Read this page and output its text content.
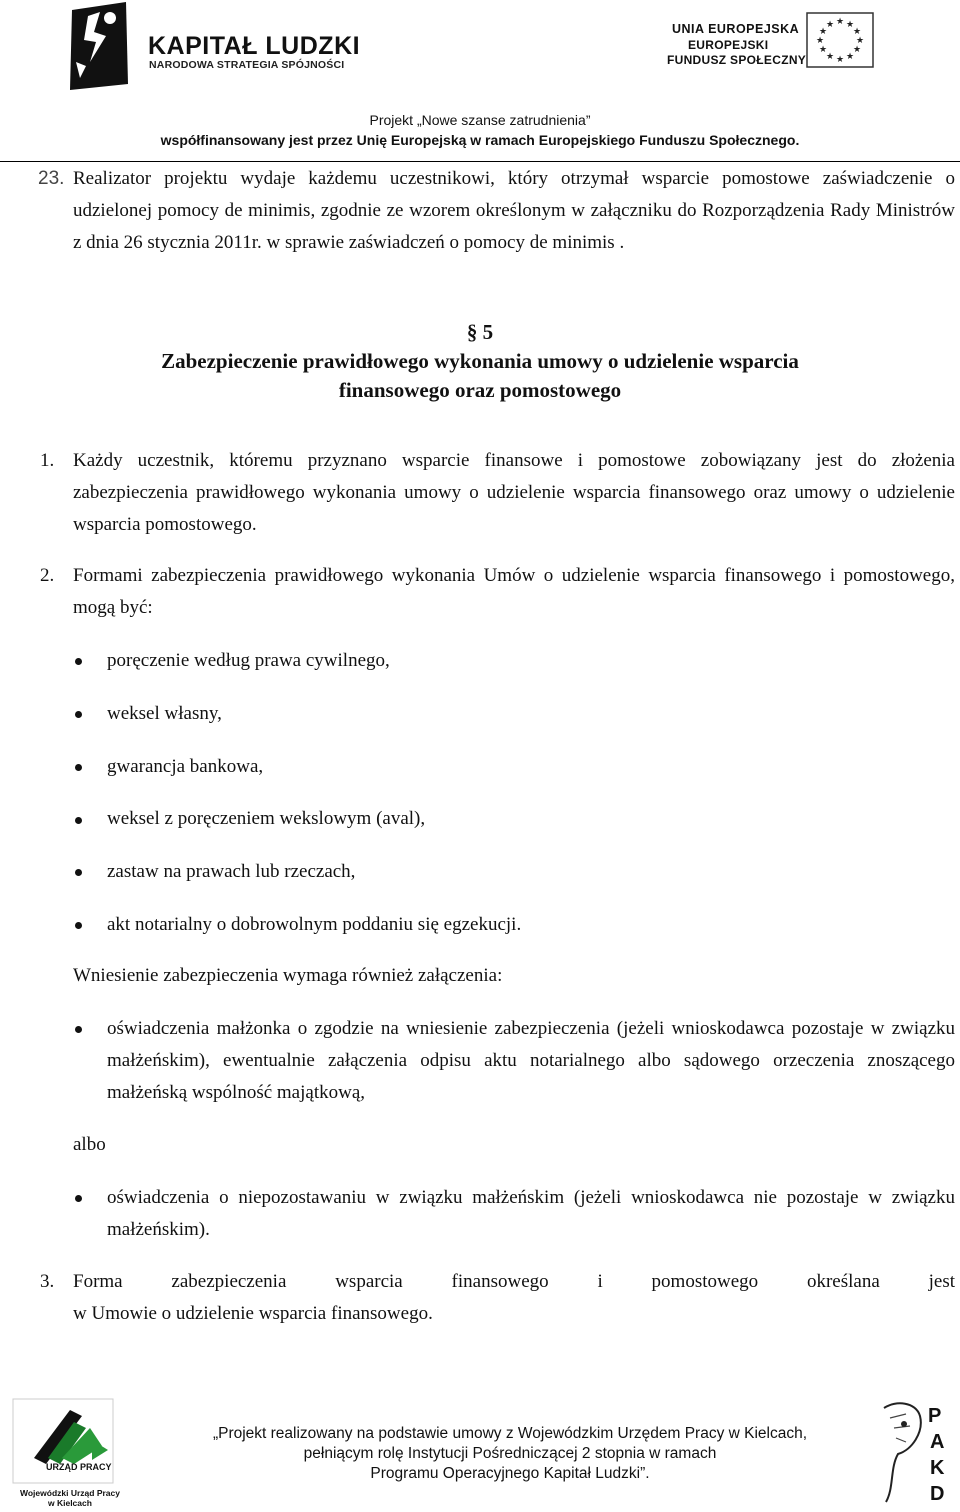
KAPITAŁ LUDZKI
NARODOWA STRATEGIA SPÓJNOŚCI
UNIA EUROPEJSKA
EUROPEJSKI
FUNDUSZ SPOŁECZNY
★ ★
★
★
★
★
★
★
★
★
★
★
Projekt „Nowe szanse zatrudnienia”
współfinansowany jest przez Unię Europejską w ramach Europejskiego Funduszu Społecznego.
23. Realizator projektu wydaje każdemu uczestnikowi, który otrzymał wsparcie pomostowe zaświadczenie o udzielonej pomocy de minimis, zgodnie ze wzorem określonym w załączniku do Rozporządzenia Rady Ministrów z dnia 26 stycznia 2011r. w sprawie zaświadczeń o pomocy de minimis .
§ 5
Zabezpieczenie prawidłowego wykonania umowy o udzielenie wsparcia
finansowego oraz pomostowego
1. Każdy uczestnik, któremu przyznano wsparcie finansowe i pomostowe zobowiązany jest do złożenia zabezpieczenia prawidłowego wykonania umowy o udzielenie wsparcia finansowego oraz umowy o udzielenie wsparcia pomostowego.
2. Formami zabezpieczenia prawidłowego wykonania Umów o udzielenie wsparcia finansowego i pomostowego, mogą być:
poręczenie według prawa cywilnego,
weksel własny,
gwarancja bankowa,
weksel z poręczeniem wekslowym (aval),
zastaw na prawach lub rzeczach,
akt notarialny o dobrowolnym poddaniu się egzekucji.
Wniesienie zabezpieczenia wymaga również załączenia:
oświadczenia małżonka o zgodzie na wniesienie zabezpieczenia (jeżeli wnioskodawca pozostaje w związku małżeńskim), ewentualnie załączenia odpisu aktu notarialnego albo sądowego orzeczenia znoszącego małżeńską wspólność majątkową,
albo
oświadczenia o niepozostawaniu w związku małżeńskim (jeżeli wnioskodawca nie pozostaje w związku małżeńskim).
3. Forma zabezpieczenia wsparcia finansowego i pomostowego określana jest
w Umowie o udzielenie wsparcia finansowego.
URZĄD PRACY
Wojewódzki Urząd Pracy
w Kielcach
„Projekt realizowany na podstawie umowy z Wojewódzkim Urzędem Pracy w Kielcach,
pełniącym rolę Instytucji Pośredniczącej 2 stopnia w ramach
Programu Operacyjnego Kapitał Ludzki”.
P
A
K
D
